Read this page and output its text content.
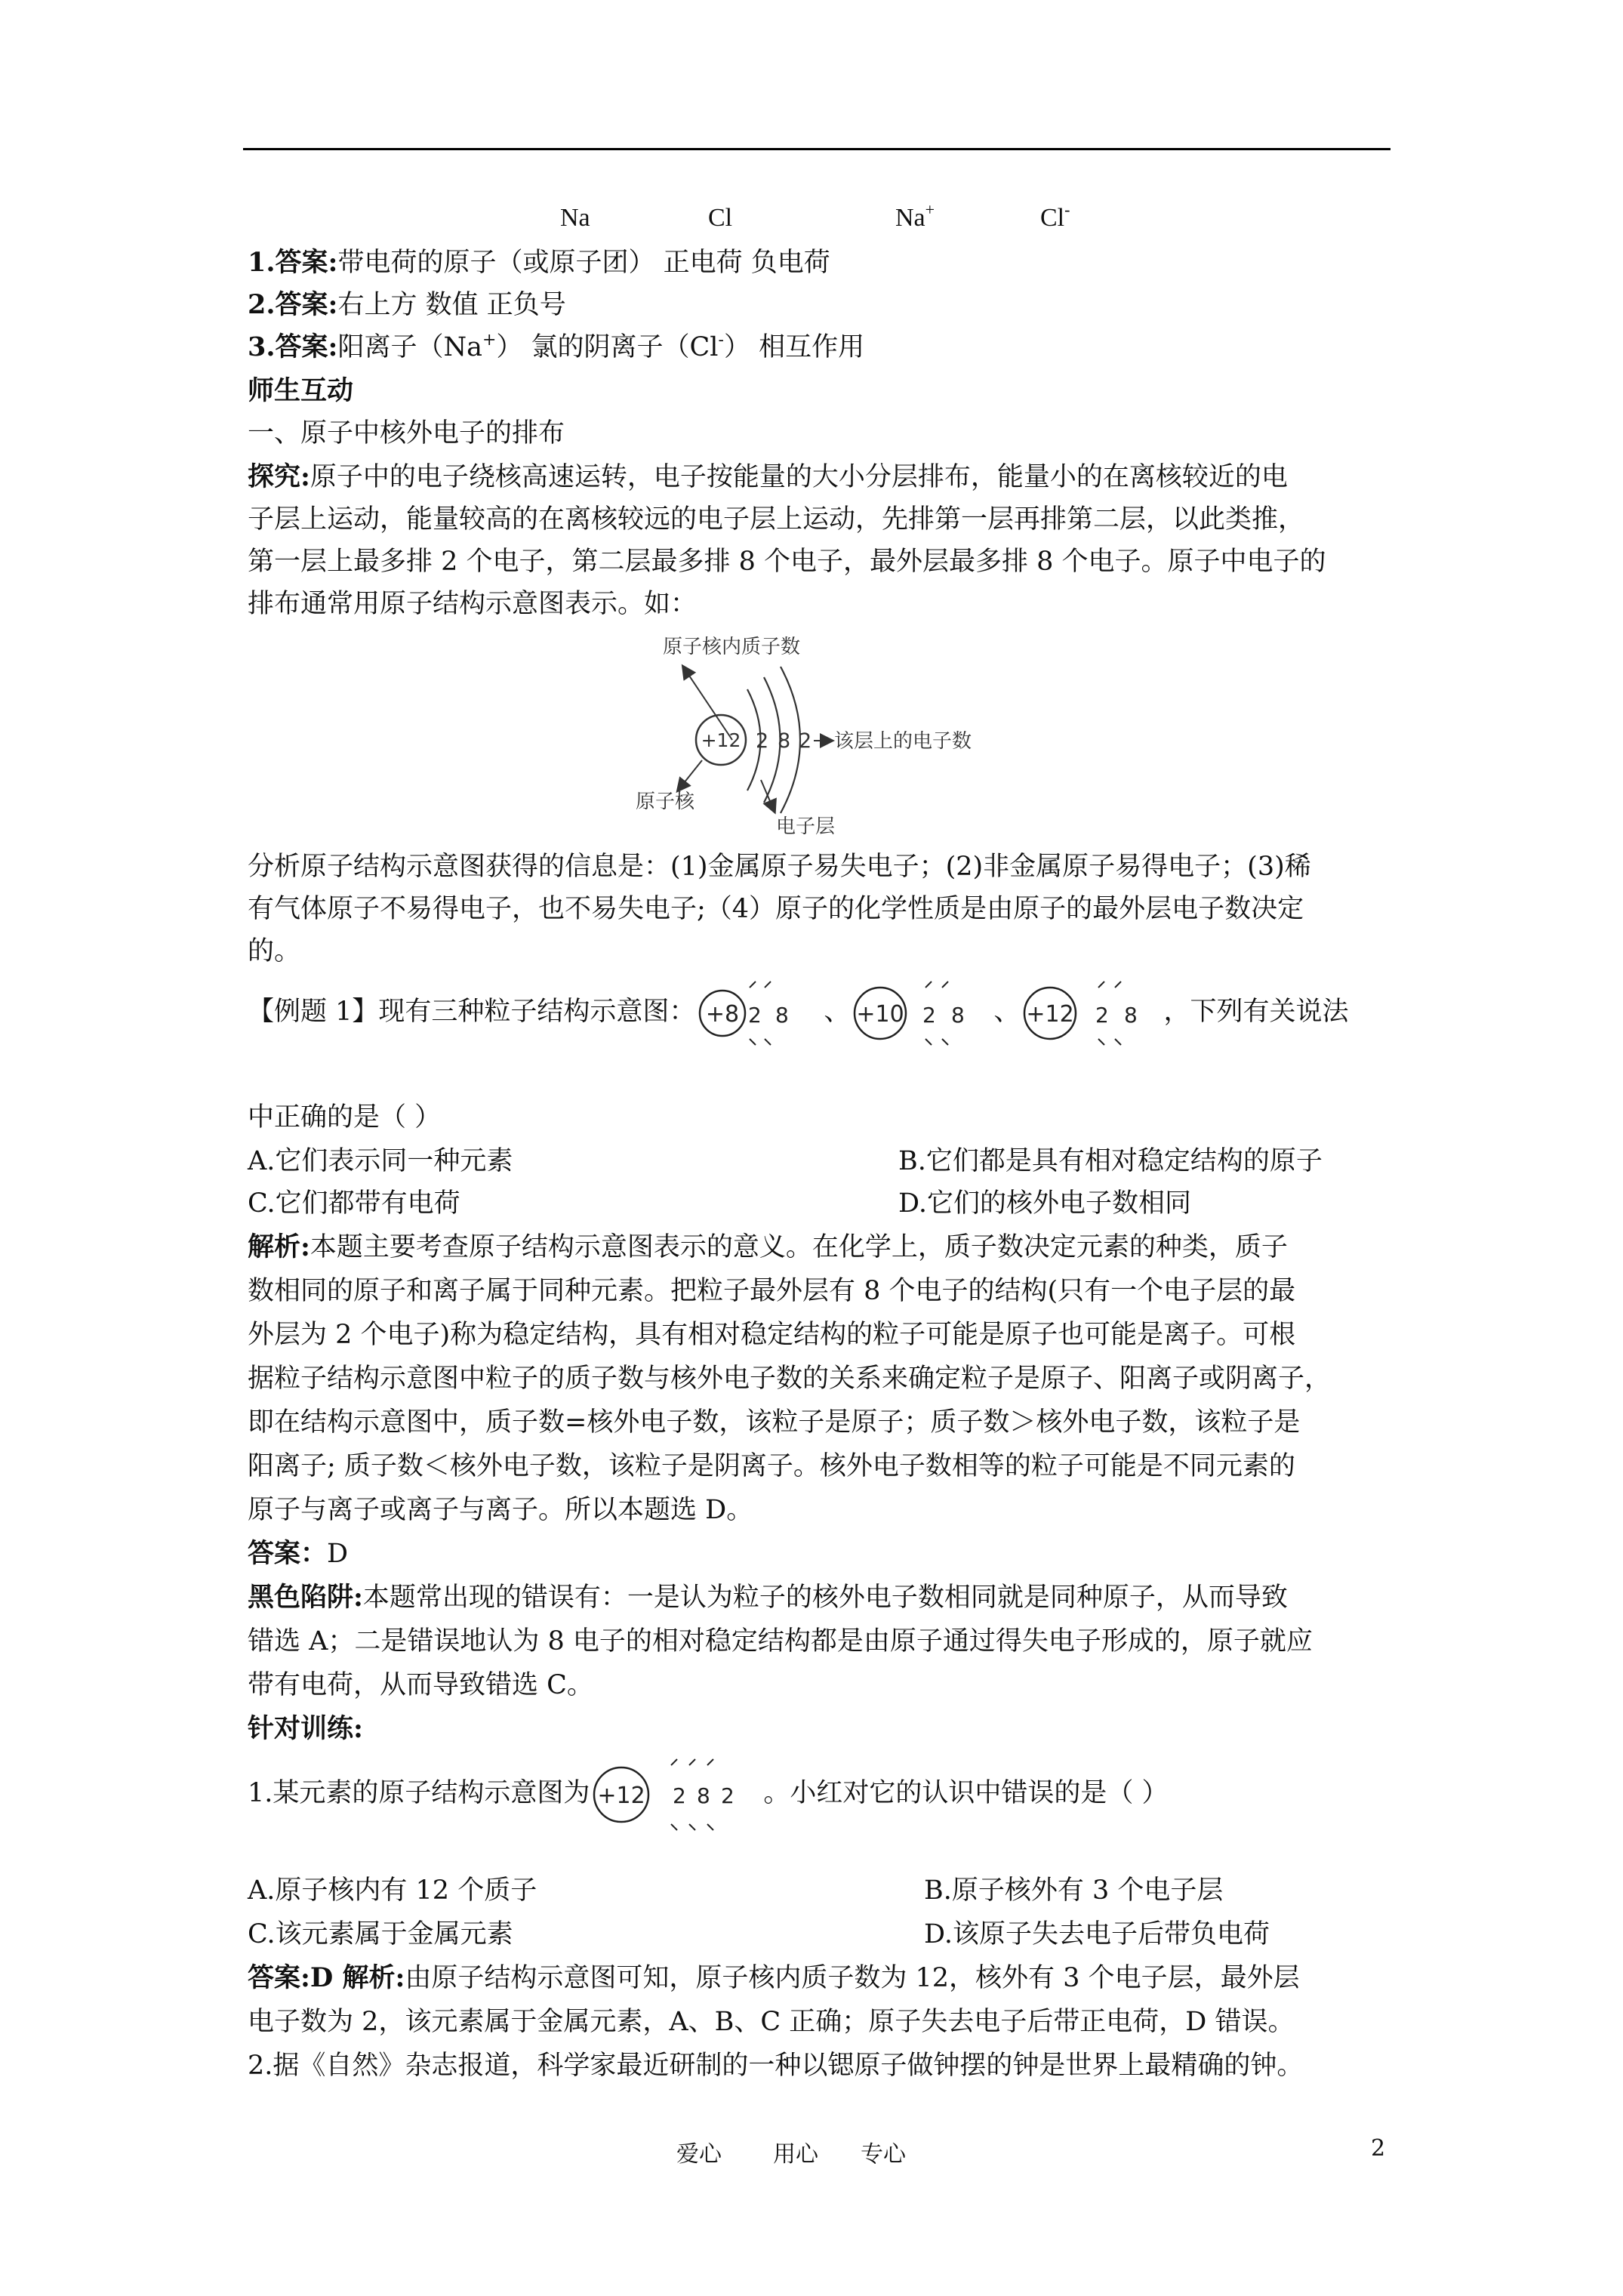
Na	Cl	Na+	Cl-
1.答案:带电荷的原子（或原子团） 正电荷 负电荷
2.答案:右上方 数值 正负号
3.答案:阳离子（Na+） 氯的阴离子（Cl-） 相互作用
师生互动
一、原子中核外电子的排布
探究:原子中的电子绕核高速运转，电子按能量的大小分层排布，能量小的在离核较近的电
子层上运动，能量较高的在离核较远的电子层上运动，先排第一层再排第二层，以此类推，
第一层上最多排 2 个电子，第二层最多排 8 个电子，最外层最多排 8 个电子。原子中电子的
排布通常用原子结构示意图表示。如：
原子核内质子数
+12 2 8 2 该层上的电子数
原子核
电子层
分析原子结构示意图获得的信息是：(1)金属原子易失电子；(2)非金属原子易得电子；(3)稀
有气体原子不易得电子，也不易失电子;（4）原子的化学性质是由原子的最外层电子数决定
的。
【例题 1】现有三种粒子结构示意图： +8 2 8 、 +10 2 8 、 +12 2 8 ，下列有关说法
中正确的是（ ）
A.它们表示同一种元素	B.它们都是具有相对稳定结构的原子
C.它们都带有电荷	D.它们的核外电子数相同
解析:本题主要考查原子结构示意图表示的意义。在化学上，质子数决定元素的种类，质子
数相同的原子和离子属于同种元素。把粒子最外层有 8 个电子的结构(只有一个电子层的最
外层为 2 个电子)称为稳定结构，具有相对稳定结构的粒子可能是原子也可能是离子。可根
据粒子结构示意图中粒子的质子数与核外电子数的关系来确定粒子是原子、阳离子或阴离子，
即在结构示意图中，质子数=核外电子数，该粒子是原子；质子数＞核外电子数，该粒子是
阳离子; 质子数＜核外电子数，该粒子是阴离子。核外电子数相等的粒子可能是不同元素的
原子与离子或离子与离子。所以本题选 D。
答案：D
黑色陷阱:本题常出现的错误有：一是认为粒子的核外电子数相同就是同种原子，从而导致
错选 A；二是错误地认为 8 电子的相对稳定结构都是由原子通过得失电子形成的，原子就应
带有电荷，从而导致错选 C。
针对训练:
1.某元素的原子结构示意图为 +12 2 8 2 。小红对它的认识中错误的是（ ）
A.原子核内有 12 个质子	B.原子核外有 3 个电子层
C.该元素属于金属元素	D.该原子失去电子后带负电荷
答案:D 解析:由原子结构示意图可知，原子核内质子数为 12，核外有 3 个电子层，最外层
电子数为 2，该元素属于金属元素，A、B、C 正确；原子失去电子后带正电荷，D 错误。
2.据《自然》杂志报道，科学家最近研制的一种以锶原子做钟摆的钟是世界上最精确的钟。
爱心 用心 专心	2
